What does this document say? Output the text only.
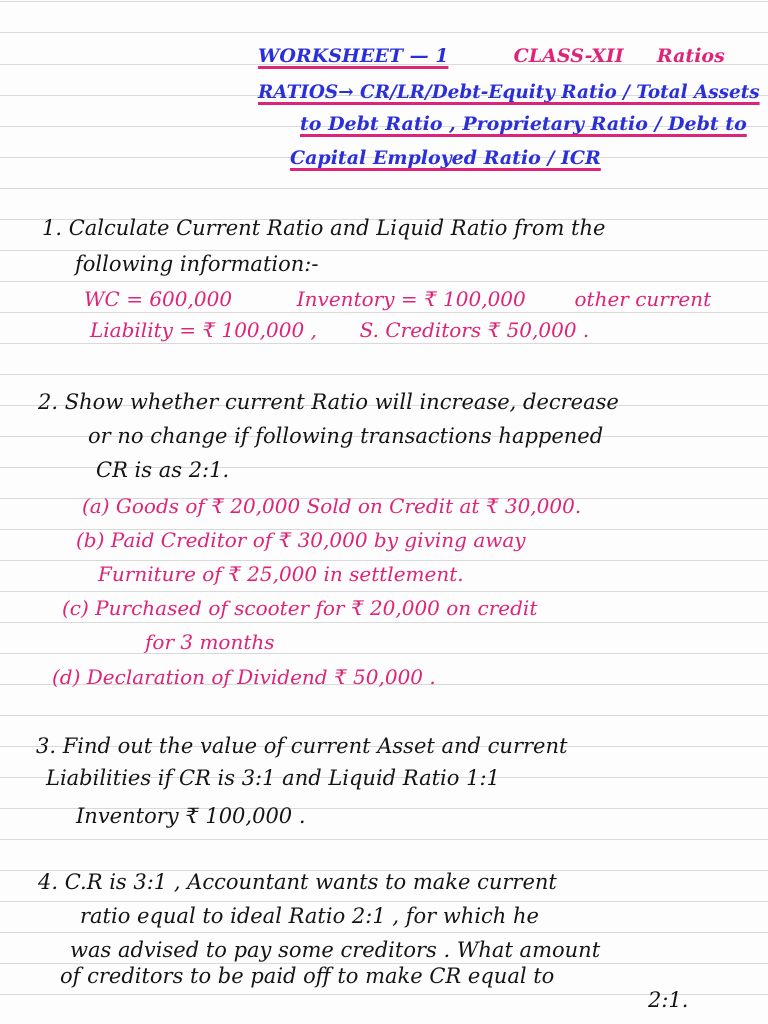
WORKSHEET — 1	CLASS-XII Ratios
RATIOS→ CR/LR/Debt-Equity Ratio / Total Assets
to Debt Ratio , Proprietary Ratio / Debt to
Capital Employed Ratio / ICR
1. Calculate Current Ratio and Liquid Ratio from the
following information:-
WC = 600,000	Inventory = ₹ 100,000 other current
Liability = ₹ 100,000 , S. Creditors ₹ 50,000 .
2. Show whether current Ratio will increase, decrease
or no change if following transactions happened
CR is as 2:1.
(a) Goods of ₹ 20,000 Sold on Credit at ₹ 30,000.
(b) Paid Creditor of ₹ 30,000 by giving away
Furniture of ₹ 25,000 in settlement.
(c) Purchased of scooter for ₹ 20,000 on credit
for 3 months
(d) Declaration of Dividend ₹ 50,000 .
3. Find out the value of current Asset and current
Liabilities if CR is 3:1 and Liquid Ratio 1:1
Inventory ₹ 100,000 .
4. C.R is 3:1 , Accountant wants to make current
ratio equal to ideal Ratio 2:1 , for which he
was advised to pay some creditors . What amount
of creditors to be paid off to make CR equal to
2:1.
